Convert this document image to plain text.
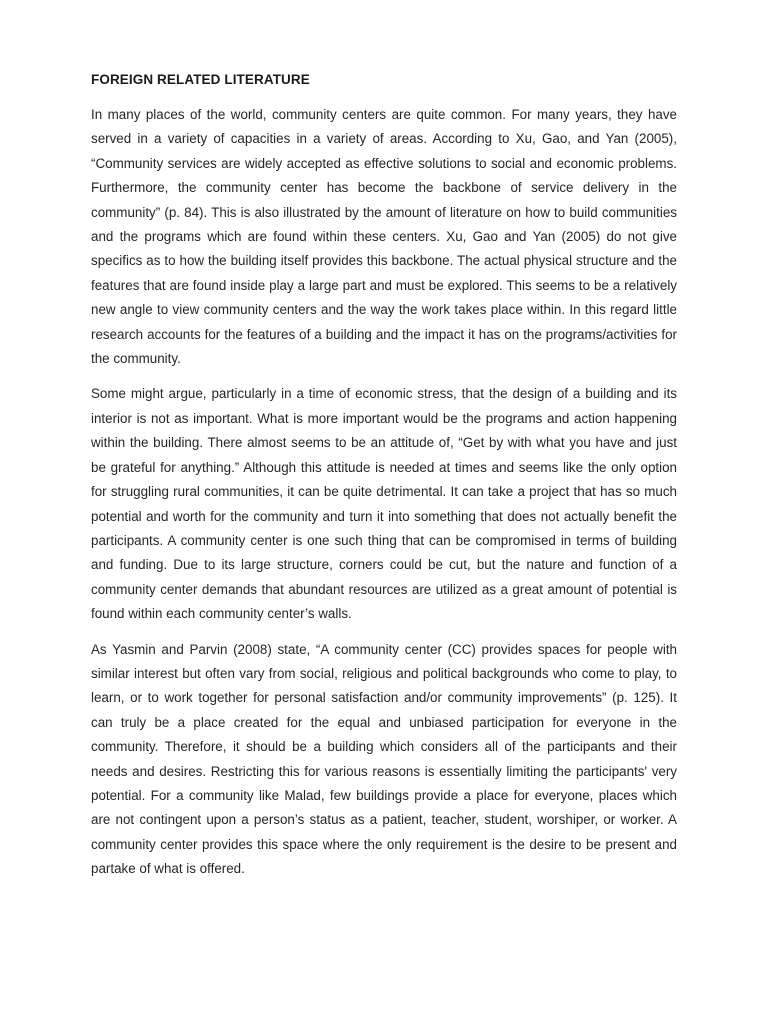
FOREIGN RELATED LITERATURE

In many places of the world, community centers are quite common. For many years, they have served in a variety of capacities in a variety of areas. According to Xu, Gao, and Yan (2005), “Community services are widely accepted as effective solutions to social and economic problems. Furthermore, the community center has become the backbone of service delivery in the community” (p. 84). This is also illustrated by the amount of literature on how to build communities and the programs which are found within these centers. Xu, Gao and Yan (2005) do not give specifics as to how the building itself provides this backbone. The actual physical structure and the features that are found inside play a large part and must be explored. This seems to be a relatively new angle to view community centers and the way the work takes place within. In this regard little research accounts for the features of a building and the impact it has on the programs/activities for the community.

Some might argue, particularly in a time of economic stress, that the design of a building and its interior is not as important. What is more important would be the programs and action happening within the building. There almost seems to be an attitude of, “Get by with what you have and just be grateful for anything.” Although this attitude is needed at times and seems like the only option for struggling rural communities, it can be quite detrimental. It can take a project that has so much potential and worth for the community and turn it into something that does not actually benefit the participants. A community center is one such thing that can be compromised in terms of building and funding. Due to its large structure, corners could be cut, but the nature and function of a community center demands that abundant resources are utilized as a great amount of potential is found within each community center’s walls.

As Yasmin and Parvin (2008) state, “A community center (CC) provides spaces for people with similar interest but often vary from social, religious and political backgrounds who come to play, to learn, or to work together for personal satisfaction and/or community improvements” (p. 125). It can truly be a place created for the equal and unbiased participation for everyone in the community. Therefore, it should be a building which considers all of the participants and their needs and desires. Restricting this for various reasons is essentially limiting the participants' very potential. For a community like Malad, few buildings provide a place for everyone, places which are not contingent upon a person’s status as a patient, teacher, student, worshiper, or worker. A community center provides this space where the only requirement is the desire to be present and partake of what is offered.
